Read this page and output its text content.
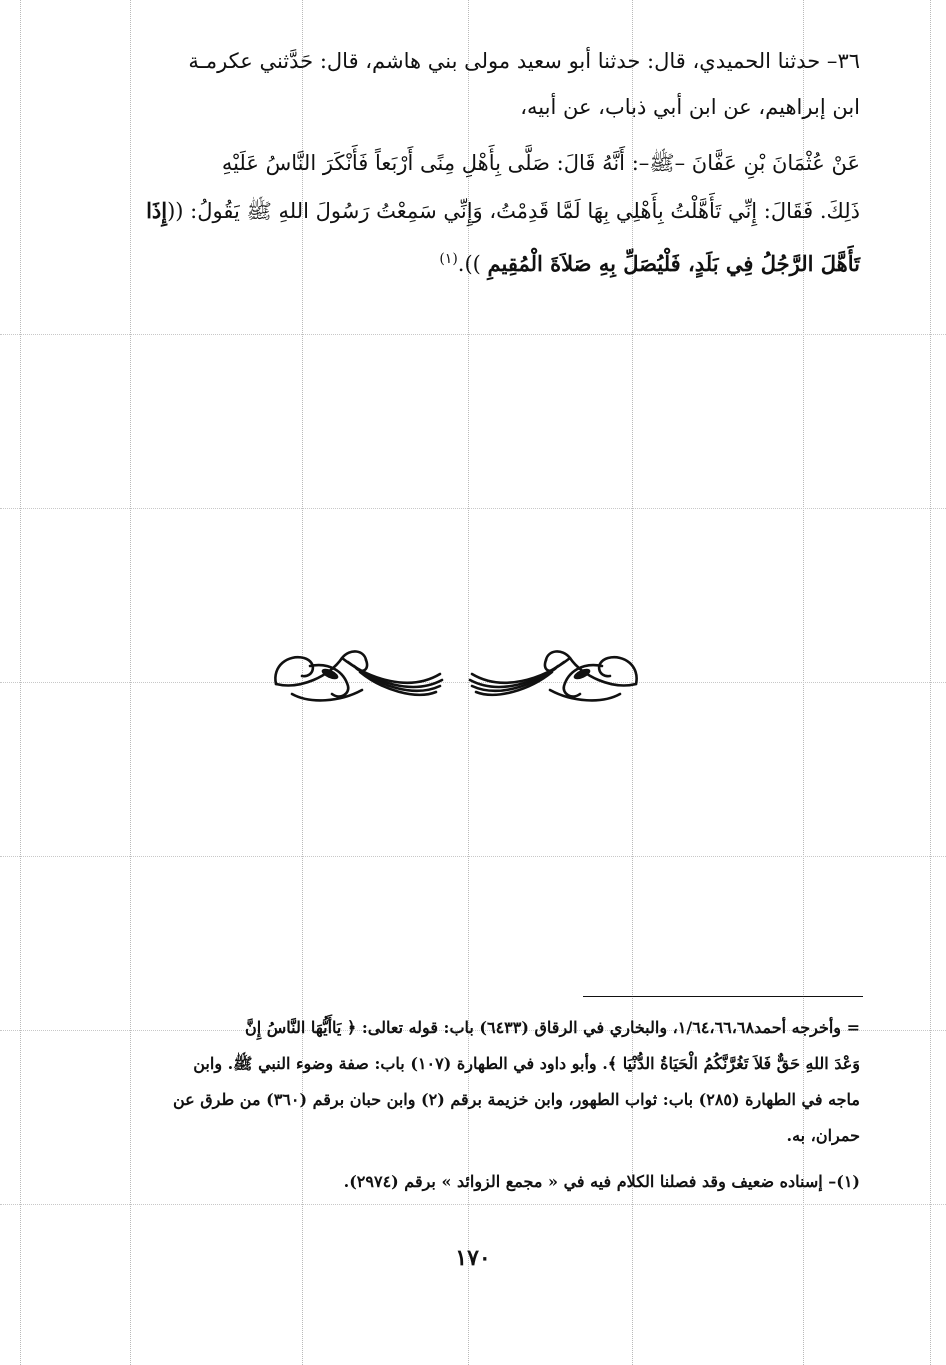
٣٦– حدثنا الحميدي، قال: حدثنا أبو سعيد مولى بني هاشم، قال: حَدَّثني عكرمـة
ابن إبراهيم، عن ابن أبي ذباب، عن أبيه،
عَنْ عُثْمَانَ بْنِ عَفَّانَ –ﷺ–: أَنَّهُ قَالَ: صَلَّى بِأَهْلِ مِنًى أَرْبَعاً فَأَنْكَرَ النَّاسُ عَلَيْهِ
ذَلِكَ. فَقَالَ: إِنِّي تَأَهَّلْتُ بِأَهْلِي بِهَا لَمَّا قَدِمْتُ، وَإِنِّي سَمِعْتُ رَسُولَ اللهِ ﷺ يَقُولُ: ((إِذَا
تَأَهَّلَ الرَّجُلُ فِي بَلَدٍ، فَلْيُصَلِّ بِهِ صَلاَةَ الْمُقِيمِ )).$^{(١)}$
= وأخرجه أحمد١/٦٤،٦٦،٦٨، والبخاري في الرقاق (٦٤٣٣) باب: قوله تعالى: ﴿ يَاأَيُّهَا النَّاسُ إِنَّ
وَعْدَ اللهِ حَقٌّ فَلاَ تَغُرَّنَّكُمُ الْحَيَاةُ الدُّنْيَا ﴾. وأبو داود في الطهارة (١٠٧) باب: صفة وضوء النبي ﷺ. وابن
ماجه في الطهارة (٢٨٥) باب: ثواب الطهور، وابن خزيمة برقم (٢) وابن حبان برقم (٣٦٠) من طرق عن
حمران، به.
(١)– إسناده ضعيف وقد فصلنا الكلام فيه في « مجمع الزوائد » برقم (٢٩٧٤).
١٧٠
